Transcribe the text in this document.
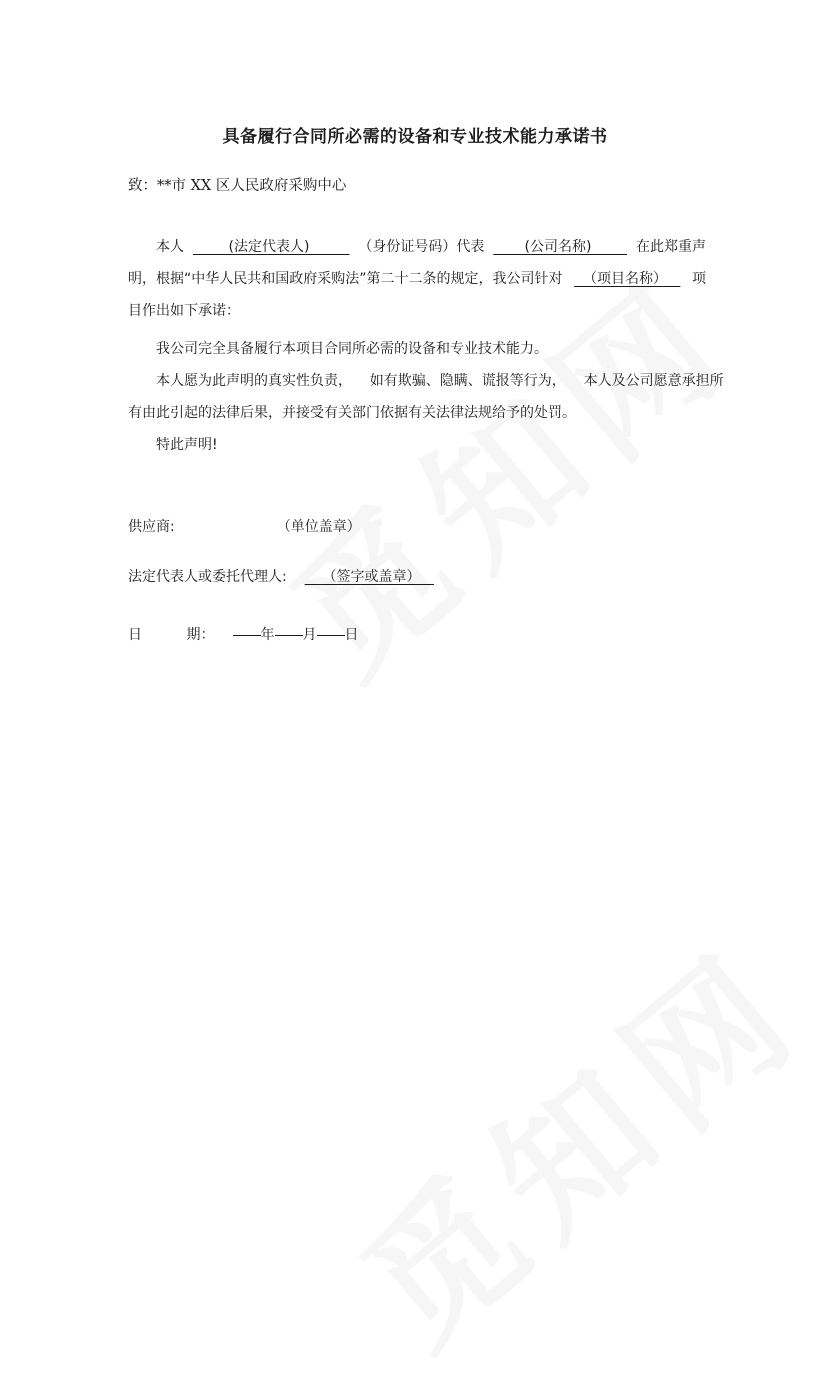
具备履行合同所必需的设备和专业技术能力承诺书
致：**市 XX 区人民政府采购中心
本人 (法定代表人) （身份证号码）代表 (公司名称) 在此郑重声
明，根据“中华人民共和国政府采购法”第二十二条的规定，我公司针对 （项目名称） 项
目作出如下承诺：
我公司完全具备履行本项目合同所必需的设备和专业技术能力。
本人愿为此声明的真实性负责，    如有欺骗、隐瞒、谎报等行为，    本人及公司愿意承担所
有由此引起的法律后果，并接受有关部门依据有关法律法规给予的处罚。
特此声明!
供应商:	（单位盖章）
法定代表人或委托代理人:    （签字或盖章）
日          期：	年 月 日
